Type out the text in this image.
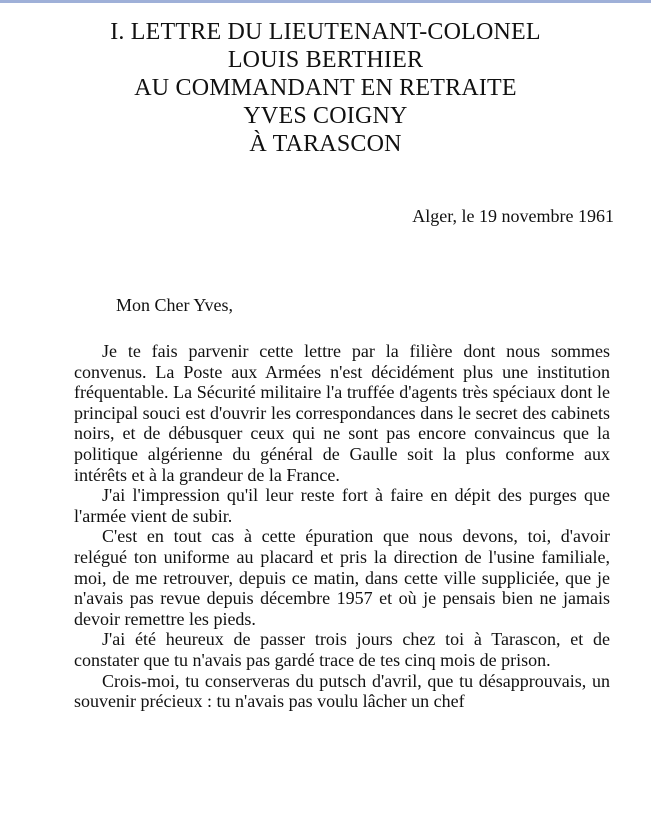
I. LETTRE DU LIEUTENANT-COLONEL
LOUIS BERTHIER
AU COMMANDANT EN RETRAITE
YVES COIGNY
À TARASCON
Alger, le 19 novembre 1961
Mon Cher Yves,

Je te fais parvenir cette lettre par la filière dont nous sommes convenus. La Poste aux Armées n'est décidément plus une institution fréquentable. La Sécurité militaire l'a truffée d'agents très spéciaux dont le principal souci est d'ouvrir les correspondances dans le secret des cabinets noirs, et de débusquer ceux qui ne sont pas encore convaincus que la politique algérienne du général de Gaulle soit la plus conforme aux intérêts et à la grandeur de la France.

J'ai l'impression qu'il leur reste fort à faire en dépit des purges que l'armée vient de subir.

C'est en tout cas à cette épuration que nous devons, toi, d'avoir relégué ton uniforme au placard et pris la direction de l'usine familiale, moi, de me retrouver, depuis ce matin, dans cette ville suppliciée, que je n'avais pas revue depuis décembre 1957 et où je pensais bien ne jamais devoir remettre les pieds.

J'ai été heureux de passer trois jours chez toi à Tarascon, et de constater que tu n'avais pas gardé trace de tes cinq mois de prison.

Crois-moi, tu conserveras du putsch d'avril, que tu désapprouvais, un souvenir précieux : tu n'avais pas voulu lâcher un chef
